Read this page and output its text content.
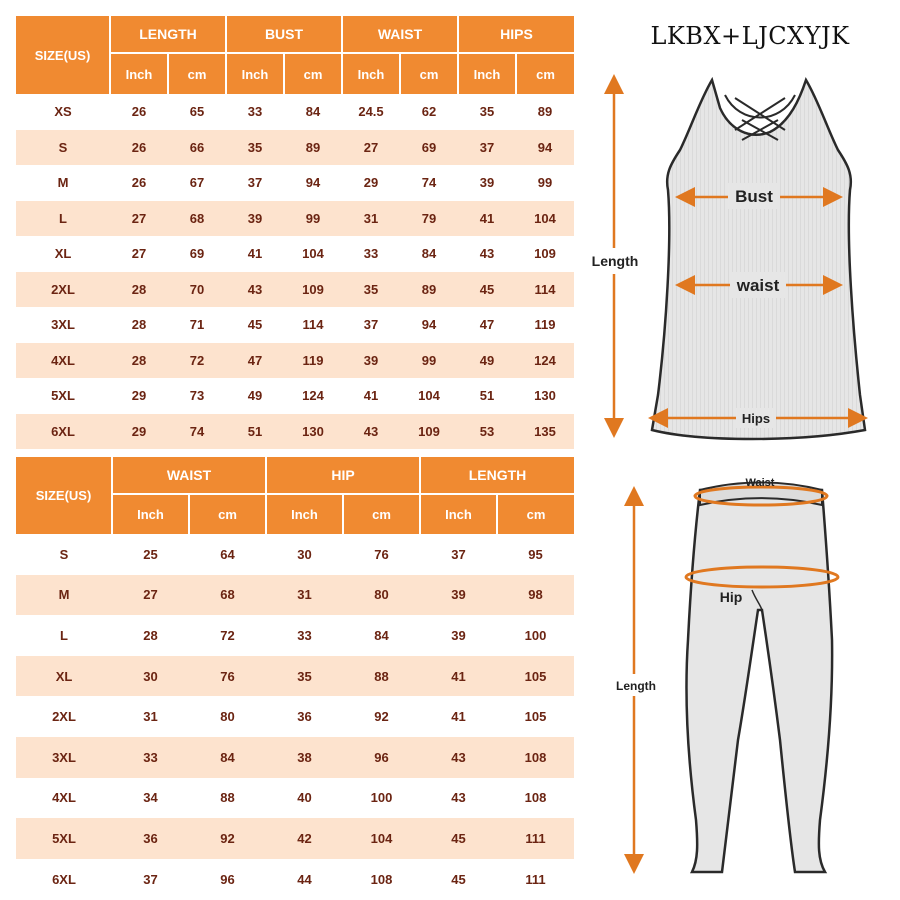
SIZE(US)	LENGTH		BUST		WAIST		HIPS	
	Inch	cm	Inch	cm	Inch	cm	Inch	cm
XS	26	65	33	84	24.5	62	35	89
S	26	66	35	89	27	69	37	94
M	26	67	37	94	29	74	39	99
L	27	68	39	99	31	79	41	104
XL	27	69	41	104	33	84	43	109
2XL	28	70	43	109	35	89	45	114
3XL	28	71	45	114	37	94	47	119
4XL	28	72	47	119	39	99	49	124
5XL	29	73	49	124	41	104	51	130
6XL	29	74	51	130	43	109	53	135
SIZE(US)	WAIST		HIP		LENGTH	
	Inch	cm	Inch	cm	Inch	cm
S	25	64	30	76	37	95
M	27	68	31	80	39	98
L	28	72	33	84	39	100
XL	30	76	35	88	41	105
2XL	31	80	36	92	41	105
3XL	33	84	38	96	43	108
4XL	34	88	40	100	43	108
5XL	36	92	42	104	45	111
6XL	37	96	44	108	45	111
LKBX+LJCXYJK
Bust
waist
Hips
Length
Waist
Hip
Length
